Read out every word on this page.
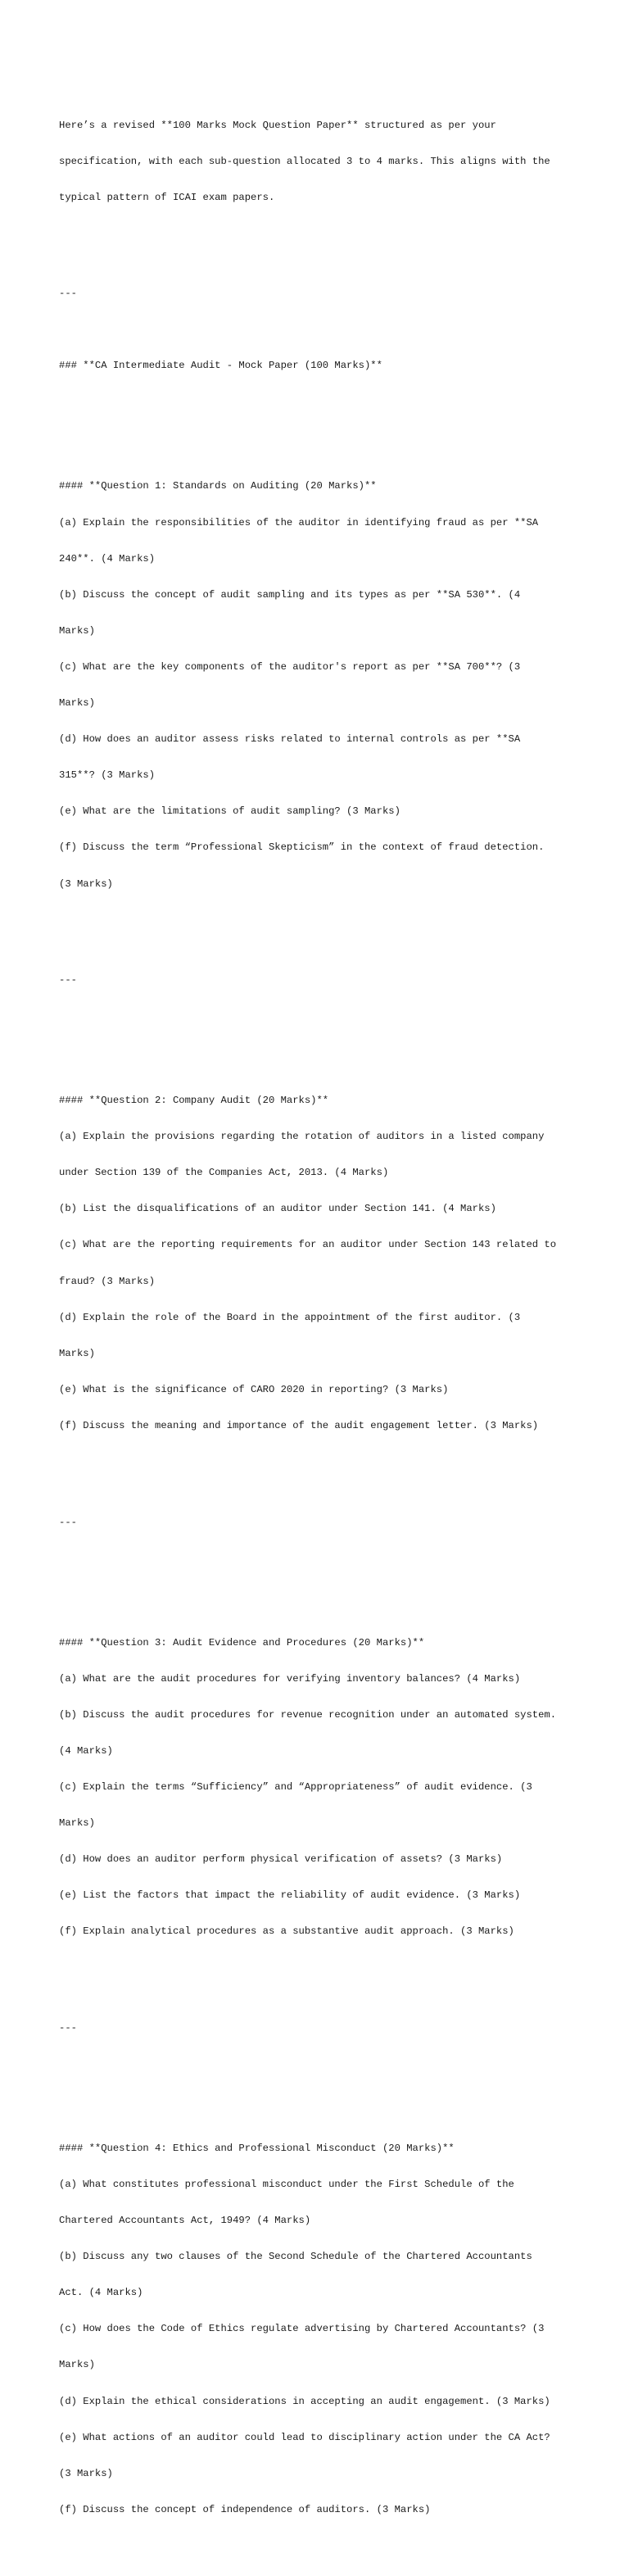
Here’s a revised **100 Marks Mock Question Paper** structured as per your

specification, with each sub-question allocated 3 to 4 marks. This aligns with the

typical pattern of ICAI exam papers.

---

### **CA Intermediate Audit - Mock Paper (100 Marks)**

#### **Question 1: Standards on Auditing (20 Marks)**

(a) Explain the responsibilities of the auditor in identifying fraud as per **SA

240**. (4 Marks)

(b) Discuss the concept of audit sampling and its types as per **SA 530**. (4

Marks)

(c) What are the key components of the auditor's report as per **SA 700**? (3

Marks)

(d) How does an auditor assess risks related to internal controls as per **SA

315**? (3 Marks)

(e) What are the limitations of audit sampling? (3 Marks)

(f) Discuss the term “Professional Skepticism” in the context of fraud detection.

(3 Marks)

---

#### **Question 2: Company Audit (20 Marks)**

(a) Explain the provisions regarding the rotation of auditors in a listed company

under Section 139 of the Companies Act, 2013. (4 Marks)

(b) List the disqualifications of an auditor under Section 141. (4 Marks)

(c) What are the reporting requirements for an auditor under Section 143 related to

fraud? (3 Marks)

(d) Explain the role of the Board in the appointment of the first auditor. (3

Marks)

(e) What is the significance of CARO 2020 in reporting? (3 Marks)

(f) Discuss the meaning and importance of the audit engagement letter. (3 Marks)

---

#### **Question 3: Audit Evidence and Procedures (20 Marks)**

(a) What are the audit procedures for verifying inventory balances? (4 Marks)

(b) Discuss the audit procedures for revenue recognition under an automated system.

(4 Marks)

(c) Explain the terms “Sufficiency” and “Appropriateness” of audit evidence. (3

Marks)

(d) How does an auditor perform physical verification of assets? (3 Marks)

(e) List the factors that impact the reliability of audit evidence. (3 Marks)

(f) Explain analytical procedures as a substantive audit approach. (3 Marks)

---

#### **Question 4: Ethics and Professional Misconduct (20 Marks)**

(a) What constitutes professional misconduct under the First Schedule of the

Chartered Accountants Act, 1949? (4 Marks)

(b) Discuss any two clauses of the Second Schedule of the Chartered Accountants

Act. (4 Marks)

(c) How does the Code of Ethics regulate advertising by Chartered Accountants? (3

Marks)

(d) Explain the ethical considerations in accepting an audit engagement. (3 Marks)

(e) What actions of an auditor could lead to disciplinary action under the CA Act?

(3 Marks)

(f) Discuss the concept of independence of auditors. (3 Marks)
